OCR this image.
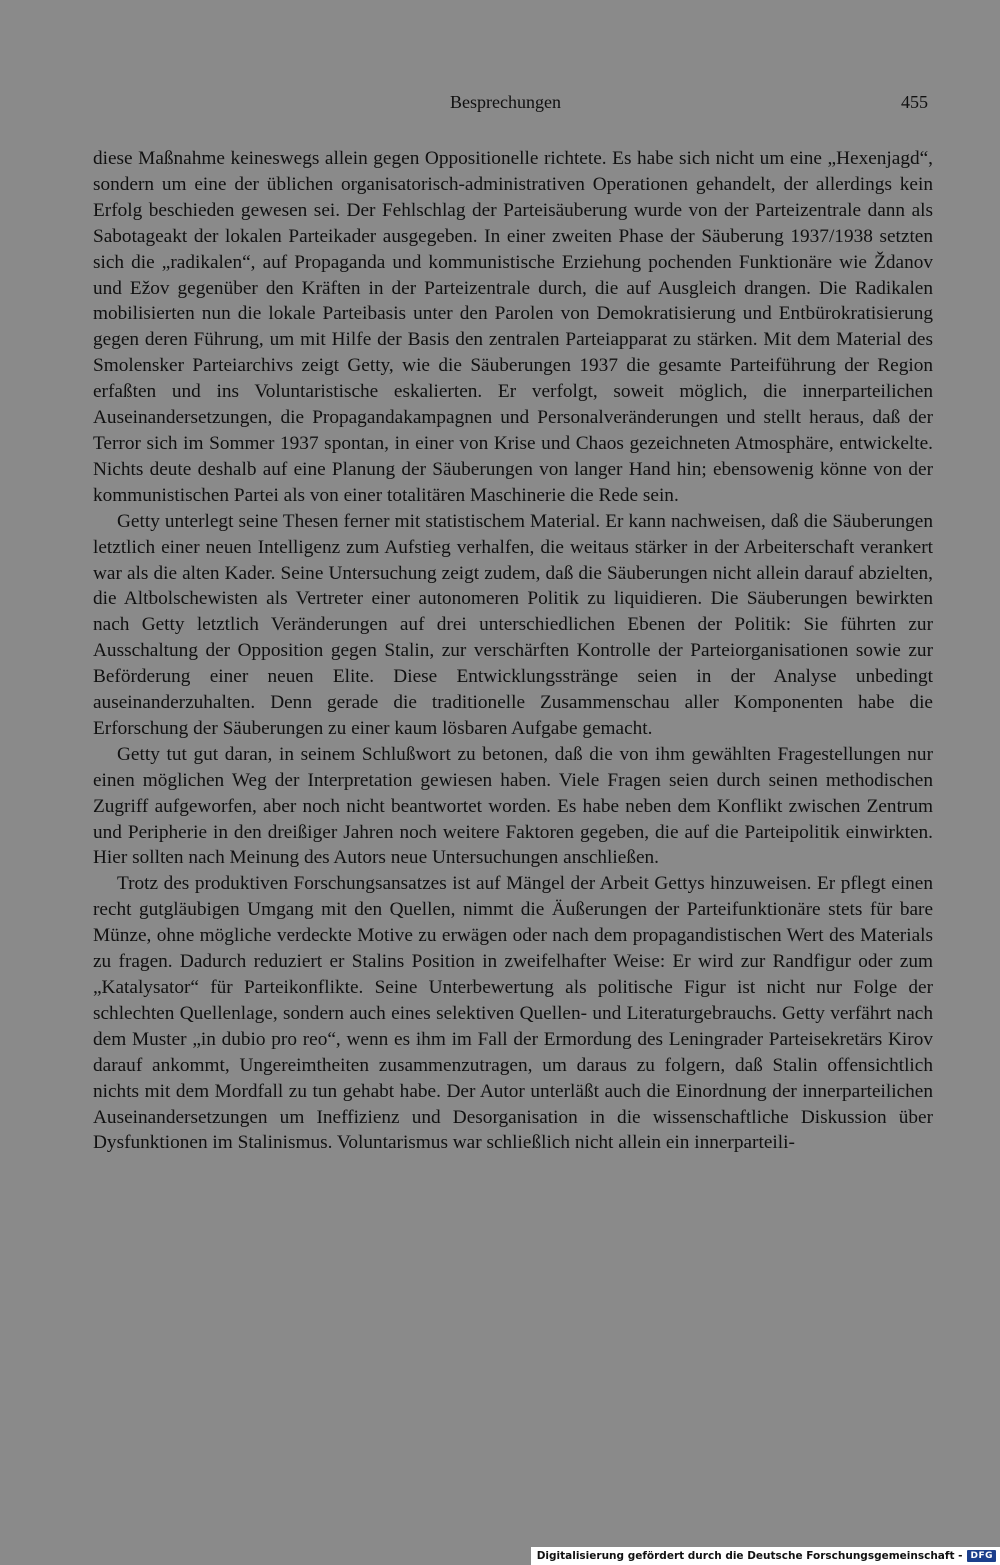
Besprechungen	455

diese Maßnahme keineswegs allein gegen Oppositionelle richtete. Es habe sich nicht um eine „Hexenjagd“, sondern um eine der üblichen organisatorisch-administrativen Operationen gehandelt, der allerdings kein Erfolg beschieden gewesen sei. Der Fehlschlag der Parteisäuberung wurde von der Parteizentrale dann als Sabotageakt der lokalen Parteikader ausgegeben. In einer zweiten Phase der Säuberung 1937/1938 setzten sich die „radikalen“, auf Propaganda und kommunistische Erziehung pochenden Funktionäre wie Ždanov und Ežov gegenüber den Kräften in der Parteizentrale durch, die auf Ausgleich drangen. Die Radikalen mobilisierten nun die lokale Parteibasis unter den Parolen von Demokratisierung und Entbürokratisierung gegen deren Führung, um mit Hilfe der Basis den zentralen Parteiapparat zu stärken. Mit dem Material des Smolensker Parteiarchivs zeigt Getty, wie die Säuberungen 1937 die gesamte Parteiführung der Region erfaßten und ins Voluntaristische eskalierten. Er verfolgt, soweit möglich, die innerparteilichen Auseinandersetzungen, die Propagandakampagnen und Personalveränderungen und stellt heraus, daß der Terror sich im Sommer 1937 spontan, in einer von Krise und Chaos gezeichneten Atmosphäre, entwickelte. Nichts deute deshalb auf eine Planung der Säuberungen von langer Hand hin; ebensowenig könne von der kommunistischen Partei als von einer totalitären Maschinerie die Rede sein.

Getty unterlegt seine Thesen ferner mit statistischem Material. Er kann nachweisen, daß die Säuberungen letztlich einer neuen Intelligenz zum Aufstieg verhalfen, die weitaus stärker in der Arbeiterschaft verankert war als die alten Kader. Seine Untersuchung zeigt zudem, daß die Säuberungen nicht allein darauf abzielten, die Altbolschewisten als Vertreter einer autonomeren Politik zu liquidieren. Die Säuberungen bewirkten nach Getty letztlich Veränderungen auf drei unterschiedlichen Ebenen der Politik: Sie führten zur Ausschaltung der Opposition gegen Stalin, zur verschärften Kontrolle der Parteiorganisationen sowie zur Beförderung einer neuen Elite. Diese Entwicklungsstränge seien in der Analyse unbedingt auseinanderzuhalten. Denn gerade die traditionelle Zusammenschau aller Komponenten habe die Erforschung der Säuberungen zu einer kaum lösbaren Aufgabe gemacht.

Getty tut gut daran, in seinem Schlußwort zu betonen, daß die von ihm gewählten Fragestellungen nur einen möglichen Weg der Interpretation gewiesen haben. Viele Fragen seien durch seinen methodischen Zugriff aufgeworfen, aber noch nicht beantwortet worden. Es habe neben dem Konflikt zwischen Zentrum und Peripherie in den dreißiger Jahren noch weitere Faktoren gegeben, die auf die Parteipolitik einwirkten. Hier sollten nach Meinung des Autors neue Untersuchungen anschließen.

Trotz des produktiven Forschungsansatzes ist auf Mängel der Arbeit Gettys hinzuweisen. Er pflegt einen recht gutgläubigen Umgang mit den Quellen, nimmt die Äußerungen der Parteifunktionäre stets für bare Münze, ohne mögliche verdeckte Motive zu erwägen oder nach dem propagandistischen Wert des Materials zu fragen. Dadurch reduziert er Stalins Position in zweifelhafter Weise: Er wird zur Randfigur oder zum „Katalysator“ für Parteikonflikte. Seine Unterbewertung als politische Figur ist nicht nur Folge der schlechten Quellenlage, sondern auch eines selektiven Quellen- und Literaturgebrauchs. Getty verfährt nach dem Muster „in dubio pro reo“, wenn es ihm im Fall der Ermordung des Leningrader Parteisekretärs Kirov darauf ankommt, Ungereimtheiten zusammenzutragen, um daraus zu folgern, daß Stalin offensichtlich nichts mit dem Mordfall zu tun gehabt habe. Der Autor unterläßt auch die Einordnung der innerparteilichen Auseinandersetzungen um Ineffizienz und Desorganisation in die wissenschaftliche Diskussion über Dysfunktionen im Stalinismus. Voluntarismus war schließlich nicht allein ein innerparteili-

Digitalisierung gefördert durch die Deutsche Forschungsgemeinschaft - DFG
